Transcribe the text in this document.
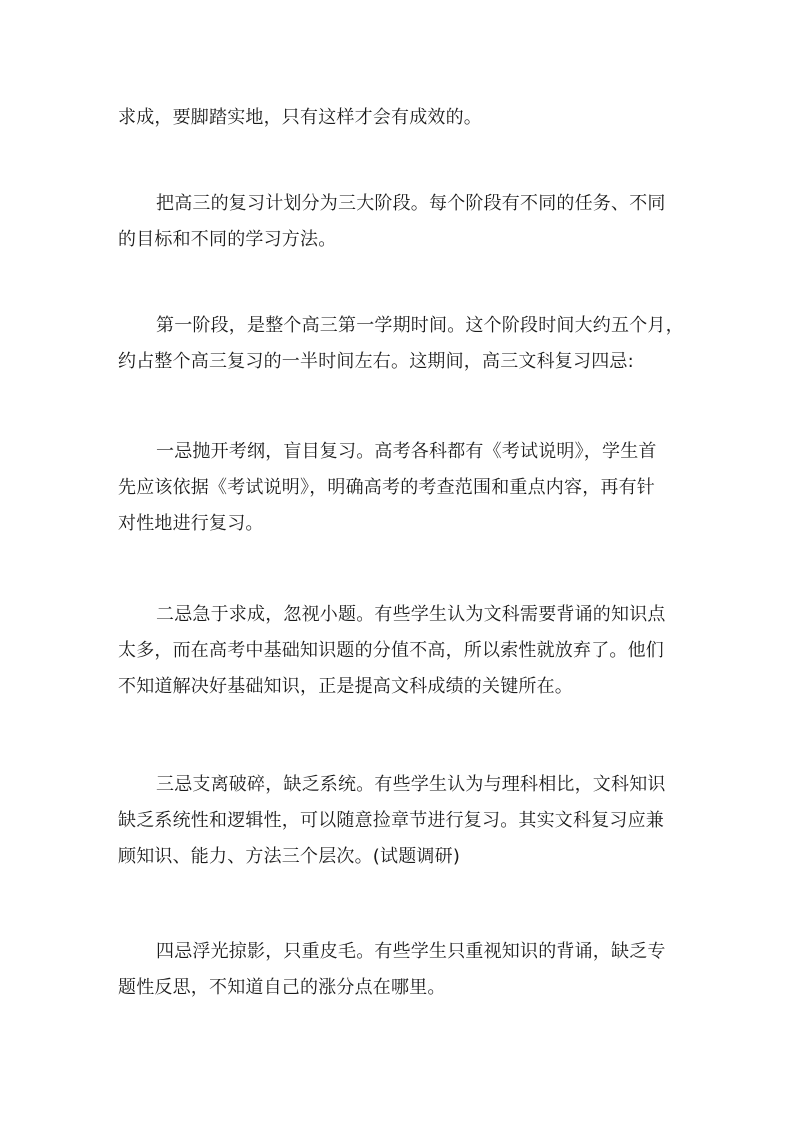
求成，要脚踏实地，只有这样才会有成效的。
把高三的复习计划分为三大阶段。每个阶段有不同的任务、不同
的目标和不同的学习方法。
第一阶段，是整个高三第一学期时间。这个阶段时间大约五个月，
约占整个高三复习的一半时间左右。这期间，高三文科复习四忌:
一忌抛开考纲，盲目复习。高考各科都有《考试说明》，学生首
先应该依据《考试说明》，明确高考的考查范围和重点内容，再有针
对性地进行复习。
二忌急于求成，忽视小题。有些学生认为文科需要背诵的知识点
太多，而在高考中基础知识题的分值不高，所以索性就放弃了。他们
不知道解决好基础知识，正是提高文科成绩的关键所在。
三忌支离破碎，缺乏系统。有些学生认为与理科相比，文科知识
缺乏系统性和逻辑性，可以随意捡章节进行复习。其实文科复习应兼
顾知识、能力、方法三个层次。(试题调研)
四忌浮光掠影，只重皮毛。有些学生只重视知识的背诵，缺乏专
题性反思，不知道自己的涨分点在哪里。
